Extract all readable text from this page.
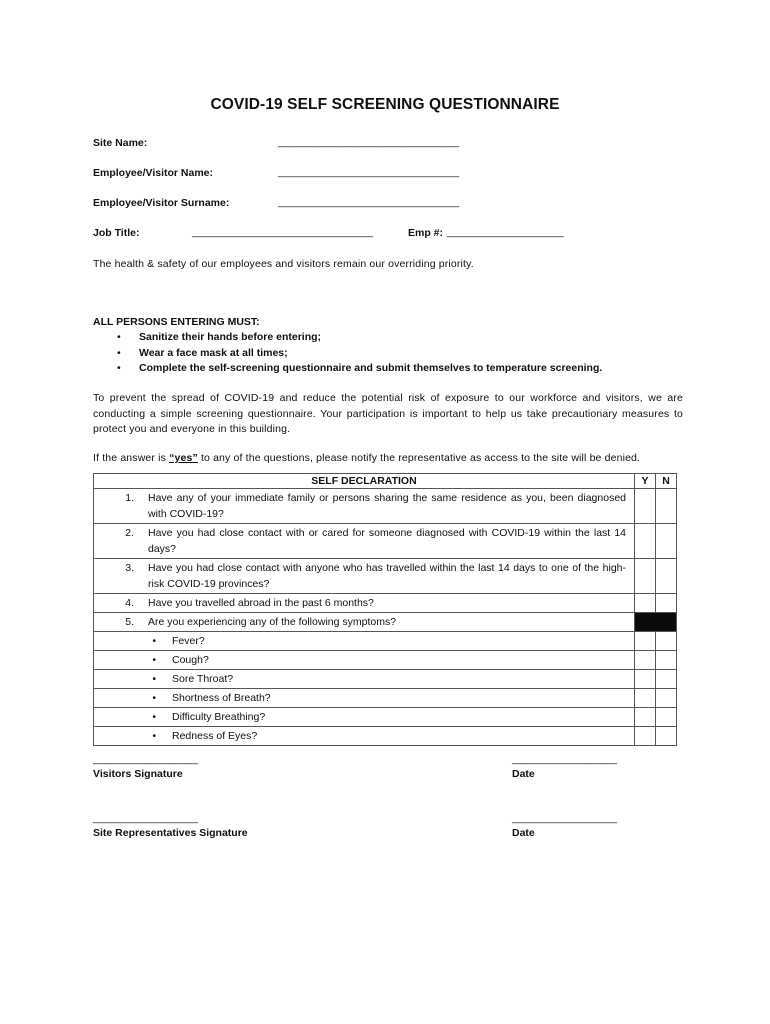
COVID-19 SELF SCREENING QUESTIONNAIRE
Site Name:	_______________________________
Employee/Visitor Name:	_______________________________
Employee/Visitor Surname:	_______________________________
Job Title:	_______________________________	Emp #: ____________________
The health & safety of our employees and visitors remain our overriding priority.
ALL PERSONS ENTERING MUST:
• Sanitize their hands before entering;
• Wear a face mask at all times;
• Complete the self-screening questionnaire and submit themselves to temperature screening.
To prevent the spread of COVID-19 and reduce the potential risk of exposure to our workforce and visitors, we are conducting a simple screening questionnaire. Your participation is important to help us take precautionary measures to protect you and everyone in this building.
If the answer is “yes” to any of the questions, please notify the representative as access to the site will be denied.
SELF DECLARATION	Y	N

1. Have any of your immediate family or persons sharing the same residence as you, been diagnosed with COVID-19?		

2. Have you had close contact with or cared for someone diagnosed with COVID-19 within the last 14 days?		

3. Have you had close contact with anyone who has travelled within the last 14 days to one of the high-risk COVID-19 provinces?		

4. Have you travelled abroad in the past 6 months?		

5. Are you experiencing any of the following symptoms?		

• Fever?		

• Cough?		

• Sore Throat?		

• Shortness of Breath?		

• Difficulty Breathing?		

• Redness of Eyes?		

__________________
Visitors Signature
__________________
Date
__________________
Site Representatives Signature
__________________
Date
